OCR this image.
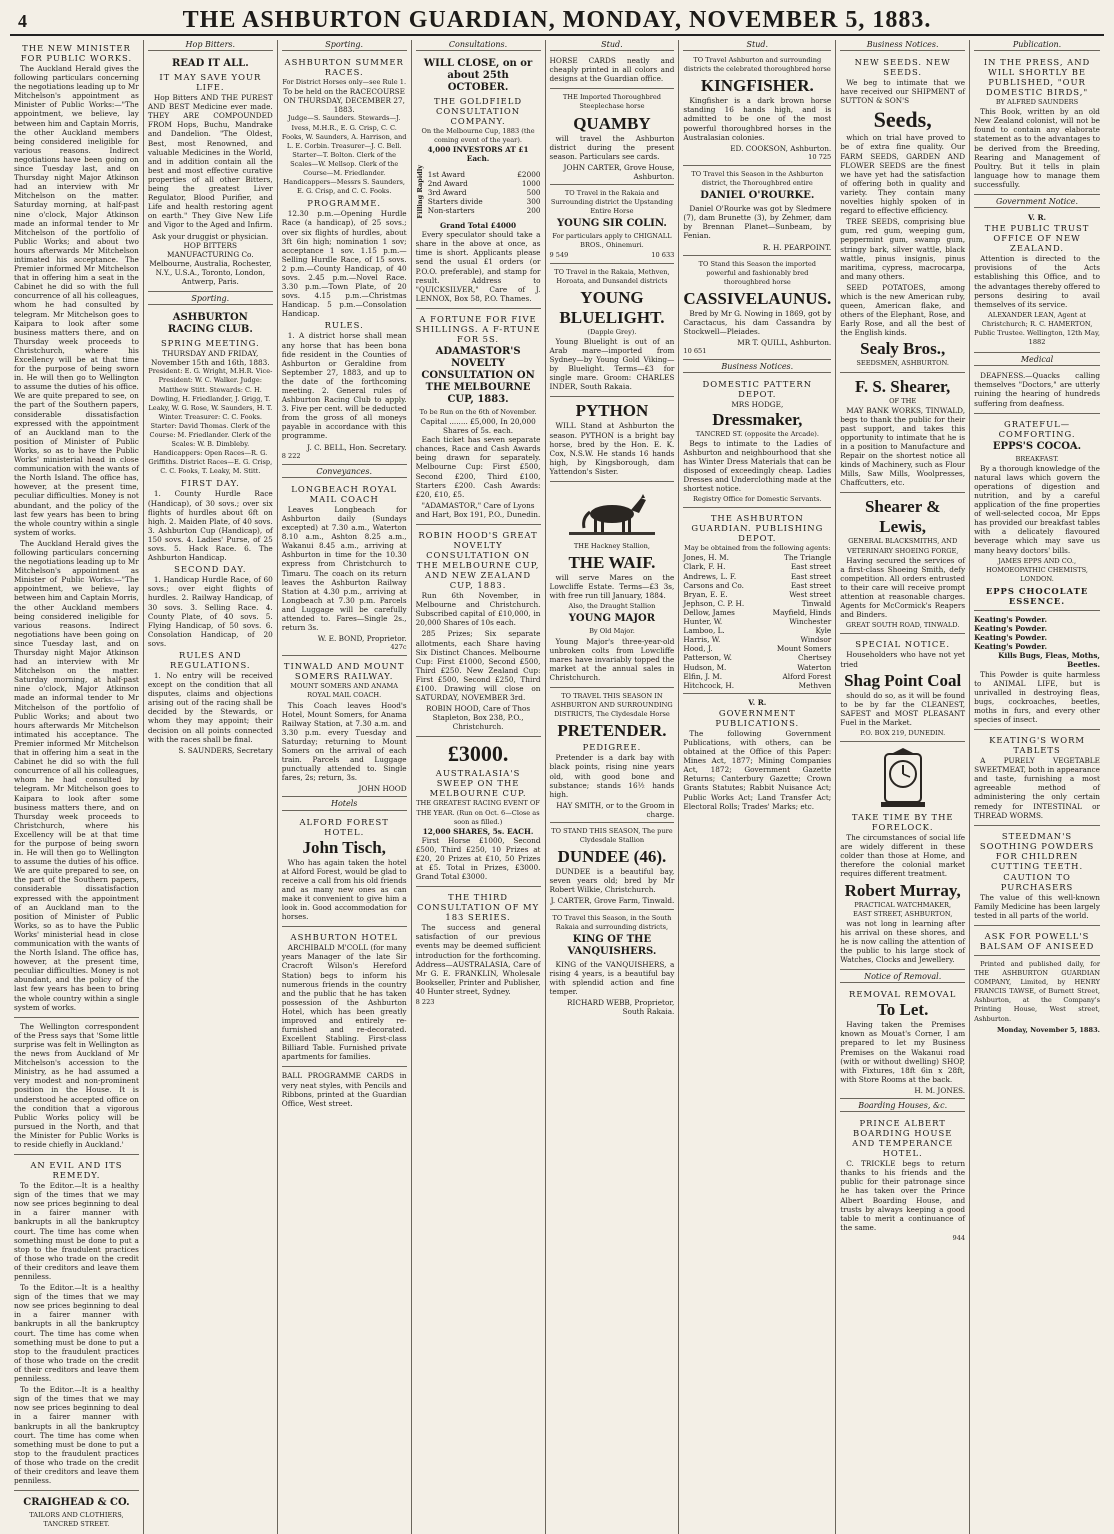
4	THE ASHBURTON GUARDIAN, MONDAY, NOVEMBER 5, 1883.
THE NEW MINISTER FOR PUBLIC WORKS.

The Auckland Herald gives the following particulars concerning the negotiations leading up to Mr Mitchelson's appointment as Minister of Public Works:—"The appointment, we believe, lay between him and Captain Morris, the other Auckland members being considered ineligible for various reasons. Indirect negotiations have been going on since Tuesday last, and on Thursday night Major Atkinson had an interview with Mr Mitchelson on the matter. Saturday morning, at half-past nine o'clock, Major Atkinson made an informal tender to Mr Mitchelson of the portfolio of Public Works; and about two hours afterwards Mr Mitchelson intimated his acceptance. The Premier informed Mr Mitchelson that in offering him a seat in the Cabinet he did so with the full concurrence of all his colleagues, whom he had consulted by telegram. Mr Mitchelson goes to Kaipara to look after some business matters there, and on Thursday week proceeds to Christchurch, where his Excellency will be at that time for the purpose of being sworn in. He will then go to Wellington to assume the duties of his office. We are quite prepared to see, on the part of the Southern papers, considerable dissatisfaction expressed with the appointment of an Auckland man to the position of Minister of Public Works, so as to have the Public Works' ministerial head in close communication with the wants of the North Island. The office has, however, at the present time, peculiar difficulties. Money is not abundant, and the policy of the last few years has been to bring the whole country within a single system of works.

The Auckland Herald gives the following particulars concerning the negotiations leading up to Mr Mitchelson's appointment as Minister of Public Works:—"The appointment, we believe, lay between him and Captain Morris, the other Auckland members being considered ineligible for various reasons. Indirect negotiations have been going on since Tuesday last, and on Thursday night Major Atkinson had an interview with Mr Mitchelson on the matter. Saturday morning, at half-past nine o'clock, Major Atkinson made an informal tender to Mr Mitchelson of the portfolio of Public Works; and about two hours afterwards Mr Mitchelson intimated his acceptance. The Premier informed Mr Mitchelson that in offering him a seat in the Cabinet he did so with the full concurrence of all his colleagues, whom he had consulted by telegram. Mr Mitchelson goes to Kaipara to look after some business matters there, and on Thursday week proceeds to Christchurch, where his Excellency will be at that time for the purpose of being sworn in. He will then go to Wellington to assume the duties of his office. We are quite prepared to see, on the part of the Southern papers, considerable dissatisfaction expressed with the appointment of an Auckland man to the position of Minister of Public Works, so as to have the Public Works' ministerial head in close communication with the wants of the North Island. The office has, however, at the present time, peculiar difficulties. Money is not abundant, and the policy of the last few years has been to bring the whole country within a single system of works.

The Wellington correspondent of the Press says that 'Some little surprise was felt in Wellington as the news from Auckland of Mr Mitchelson's accession to the Ministry, as he had assumed a very modest and non-prominent position in the House. It is understood he accepted office on the condition that a vigorous Public Works policy will be pursued in the North, and that the Minister for Public Works is to reside chiefly in Auckland.'

AN EVIL AND ITS REMEDY.

To the Editor.—It is a healthy sign of the times that we may now see prices beginning to deal in a fairer manner with bankrupts in all the bankruptcy court. The time has come when something must be done to put a stop to the fraudulent practices of those who trade on the credit of their creditors and leave them penniless.

To the Editor.—It is a healthy sign of the times that we may now see prices beginning to deal in a fairer manner with bankrupts in all the bankruptcy court. The time has come when something must be done to put a stop to the fraudulent practices of those who trade on the credit of their creditors and leave them penniless.

To the Editor.—It is a healthy sign of the times that we may now see prices beginning to deal in a fairer manner with bankrupts in all the bankruptcy court. The time has come when something must be done to put a stop to the fraudulent practices of those who trade on the credit of their creditors and leave them penniless.

CRAIGHEAD & CO.
TAILORS AND CLOTHIERS,
TANCRED STREET.
Hop Bitters.
READ IT ALL.
IT MAY SAVE YOUR LIFE.

Hop Bitters AND THE PUREST AND BEST Medicine ever made. THEY ARE COMPOUNDED FROM Hops, Buchu, Mandrake and Dandelion. "The Oldest, Best, most Renowned, and valuable Medicines in the World, and in addition contain all the best and most effective curative properties of all other Bitters, being the greatest Liver Regulator, Blood Purifier, and Life and health restoring agent on earth." They Give New Life and Vigor to the Aged and Infirm.

Ask your druggist or physician. HOP BITTERS MANUFACTURING Co. Melbourne, Australia, Rochester, N.Y., U.S.A., Toronto, London, Antwerp, Paris.

Sporting.
ASHBURTON RACING CLUB.
SPRING MEETING.
THURSDAY AND FRIDAY, November 15th and 16th, 1883.

President: E. G. Wright, M.H.R. Vice-President: W. C. Walker. Judge: Matthew Stitt. Stewards: C. H. Dowling, H. Friedlander, J. Grigg, T. Leaky, W. G. Rose, W. Saunders, H. T. Winter. Treasurer: C. C. Fooks. Starter: David Thomas. Clerk of the Course: M. Friedlander. Clerk of the Scales: W. B. Dimbleby. Handicappers: Open Races—R. G. Griffiths. District Races—E. G. Crisp, C. C. Fooks, T. Leaky, M. Stitt.

FIRST DAY.

1. County Hurdle Race (Handicap), of 30 sovs.; over six flights of hurdles about 6ft on high. 2. Maiden Plate, of 40 sovs. 3. Ashburton Cup (Handicap), of 150 sovs. 4. Ladies' Purse, of 25 sovs. 5. Hack Race. 6. The Ashburton Handicap.

SECOND DAY.

1. Handicap Hurdle Race, of 60 sovs.; over eight flights of hurdles. 2. Railway Handicap, of 30 sovs. 3. Selling Race. 4. County Plate, of 40 sovs. 5. Flying Handicap, of 50 sovs. 6. Consolation Handicap, of 20 sovs.

RULES AND REGULATIONS.

1. No entry will be received except on the condition that all disputes, claims and objections arising out of the racing shall be decided by the Stewards, or whom they may appoint; their decision on all points connected with the races shall be final.

S. SAUNDERS, Secretary
Sporting.
ASHBURTON SUMMER RACES.
For District Horses only—see Rule 1.
To be held on the RACECOURSE ON THURSDAY, DECEMBER 27, 1883.

Judge—S. Saunders. Stewards—J. Ivess, M.H.R., E. G. Crisp, C. C. Fooks, W. Saunders, A. Harrison, and L. E. Corbin. Treasurer—J. C. Bell. Starter—T. Bolton. Clerk of the Scales—W. Mellsop. Clerk of the Course—M. Friedlander. Handicappers—Messrs S. Saunders, E. G. Crisp, and C. C. Fooks.

PROGRAMME.

12.30 p.m.—Opening Hurdle Race (a handicap), of 25 sovs.; over six flights of hurdles, about 3ft 6in high; nomination 1 sov; acceptance 1 sov. 1.15 p.m.—Selling Hurdle Race, of 15 sovs. 2 p.m.—County Handicap, of 40 sovs. 2.45 p.m.—Novel Race. 3.30 p.m.—Town Plate, of 20 sovs. 4.15 p.m.—Christmas Handicap. 5 p.m.—Consolation Handicap.

RULES.

1. A district horse shall mean any horse that has been bona fide resident in the Counties of Ashburton or Geraldine from September 27, 1883, and up to the date of the forthcoming meeting. 2. General rules of Ashburton Racing Club to apply. 3. Five per cent. will be deducted from the gross of all moneys payable in accordance with this programme.

J. C. BELL, Hon. Secretary.
8 222
Conveyances.
LONGBEACH ROYAL MAIL COACH

Leaves Longbeach for Ashburton daily (Sundays excepted) at 7.30 a.m., Waterton 8.10 a.m., Ashton 8.25 a.m., Wakanui 8.45 a.m., arriving at Ashburton in time for the 10.30 express from Christchurch to Timaru. The coach on its return leaves the Ashburton Railway Station at 4.30 p.m., arriving at Longbeach at 7.30 p.m. Parcels and Luggage will be carefully attended to. Fares—Single 2s., return 3s.

W. E. BOND, Proprietor.
427c
TINWALD AND MOUNT SOMERS RAILWAY.
MOUNT SOMERS AND ANAMA ROYAL MAIL COACH.

This Coach leaves Hood's Hotel, Mount Somers, for Anama Railway Station, at 7.30 a.m. and 3.30 p.m. every Tuesday and Saturday; returning to Mount Somers on the arrival of each train. Parcels and Luggage punctually attended to. Single fares, 2s; return, 3s.

JOHN HOOD
Hotels
ALFORD FOREST HOTEL.
John Tisch,

Who has again taken the hotel at Alford Forest, would be glad to receive a call from his old friends and as many new ones as can make it convenient to give him a look in. Good accommodation for horses.

ASHBURTON HOTEL

ARCHIBALD M'COLL (for many years Manager of the late Sir Cracroft Wilson's Hereford Station) begs to inform his numerous friends in the country and the public that he has taken possession of the Ashburton Hotel, which has been greatly improved and entirely re-furnished and re-decorated. Excellent Stabling. First-class Billiard Table. Furnished private apartments for families.

BALL PROGRAMME CARDS in very neat styles, with Pencils and Ribbons, printed at the Guardian Office, West street.

Consultations.
WILL CLOSE, on or about 25th OCTOBER.
THE GOLDFIELD CONSULTATION COMPANY.
On the Melbourne Cup, 1883 (the coming event of the year).
4,000 INVESTORS AT £1 Each.
Filling Rapidly 1st Award	£2000
2nd Award	1000
3rd Award	500
Starters divide	300
Non-starters	200
Grand Total £4000

Every speculator should take a share in the above at once, as time is short. Applicants please send the usual £1 orders (or P.O.O. preferable), and stamp for result. Address to "QUICKSILVER," Care of J. LENNOX, Box 58, P.O. Thames.

A FORTUNE FOR FIVE SHILLINGS. A F-RTUNE FOR 5S.
ADAMASTOR'S NOVELTY CONSULTATION ON THE MELBOURNE CUP, 1883.
To be Run on the 6th of November.
Capital ........ £5,000, In 20,000 Shares of 5s. each.

Each ticket has seven separate chances, Race and Cash Awards being drawn for separately. Melbourne Cup: First £500, Second £200, Third £100, Starters £200. Cash Awards: £20, £10, £5.

"ADAMASTOR," Care of Lyons and Hart, Box 191, P.O., Dunedin.

ROBIN HOOD'S GREAT NOVELTY CONSULTATION ON THE MELBOURNE CUP, AND NEW ZEALAND CUP, 1883.

Run 6th November, in Melbourne and Christchurch. Subscribed capital of £10,000, in 20,000 Shares of 10s each.

285 Prizes; Six separate allotments, each Share having Six Distinct Chances. Melbourne Cup: First £1000, Second £500, Third £250. New Zealand Cup: First £500, Second £250, Third £100. Drawing will close on SATURDAY, NOVEMBER 3rd.

ROBIN HOOD, Care of Thos Stapleton, Box 238, P.O., Christchurch.

£3000.
AUSTRALASIA'S SWEEP ON THE MELBOURNE CUP.
THE GREATEST RACING EVENT OF THE YEAR. (Run on Oct. 6—Close as soon as filled.)
12,000 SHARES, 5s. EACH.

First Horse £1000, Second £500, Third £250, 10 Prizes at £20, 20 Prizes at £10, 50 Prizes at £5. Total in Prizes, £3000. Grand Total £3000.

THE THIRD CONSULTATION OF MY 183 SERIES.

The success and general satisfaction of our previous events may be deemed sufficient introduction for the forthcoming. Address—AUSTRALASIA, Care of Mr G. E. FRANKLIN, Wholesale Bookseller, Printer and Publisher, 40 Hunter street, Sydney.

8 223
Stud.

HORSE CARDS neatly and cheaply printed in all colors and designs at the Guardian office.

THE Imported Thoroughbred Steeplechase horse

QUAMBY

will travel the Ashburton district during the present season. Particulars see cards.

JOHN CARTER, Grove House, Ashburton.

TO Travel in the Rakaia and Surrounding district the Upstanding Entire Horse

YOUNG SIR COLIN.
For particulars apply to CHIGNALL BROS., Ohinemuri.
9 549	10 633

TO Travel in the Rakaia, Methven, Horoata, and Dunsandel districts

YOUNG BLUELIGHT.
(Dapple Grey).

Young Bluelight is out of an Arab mare—imported from Sydney—by Young Gold Viking—by Bluelight. Terms—£3 for single mare. Groom: CHARLES INDER, South Rakaia.

PYTHON

WILL Stand at Ashburton the season. PYTHON is a bright bay horse, bred by the Hon. E. K. Cox, N.S.W. He stands 16 hands high, by Kingsborough, dam Yattendon's Sister.

THE Hackney Stallion,

THE WAIF.

will serve Mares on the Lowcliffe Estate. Terms—£3 3s, with free run till January, 1884.

Also, the Draught Stallion
YOUNG MAJOR
By Old Major.

Young Major's three-year-old unbroken colts from Lowcliffe mares have invariably topped the market at the annual sales in Christchurch.

TO TRAVEL THIS SEASON IN ASHBURTON AND SURROUNDING DISTRICTS, The Clydesdale Horse

PRETENDER.
PEDIGREE.

Pretender is a dark bay with black points, rising nine years old, with good bone and substance; stands 16½ hands high.

HAY SMITH, or to the Groom in charge.

TO STAND THIS SEASON, The pure Clydesdale Stallion

DUNDEE (46).

DUNDEE is a beautiful bay, seven years old; bred by Mr Robert Wilkie, Christchurch.

J. CARTER, Grove Farm, Tinwald.

TO Travel this Season, in the South Rakaia and surrounding districts,

KING OF THE VANQUISHERS.

KING of the VANQUISHERS, a rising 4 years, is a beautiful bay with splendid action and fine temper.

RICHARD WEBB, Proprietor, South Rakaia.
Stud.

TO Travel Ashburton and surrounding districts the celebrated thoroughbred horse

KINGFISHER.

Kingfisher is a dark brown horse standing 16 hands high, and is admitted to be one of the most powerful thoroughbred horses in the Australasian colonies.

ED. COOKSON, Ashburton.
10 725

TO Travel this Season in the Ashburton district, the Thoroughbred entire

DANIEL O'ROURKE.

Daniel O'Rourke was got by Sledmere (7), dam Brunette (3), by Zehmer, dam by Brennan Planet—Sunbeam, by Fenian.

R. H. PEARPOINT.

TO Stand this Season the imported powerful and fashionably bred thoroughbred horse

CASSIVELAUNUS.

Bred by Mr G. Nowing in 1869, got by Caractacus, his dam Cassandra by Stockwell—Pleiades.

MR T. QUILL, Ashburton.
10 651
Business Notices.
DOMESTIC PATTERN DEPOT.
MRS HODGE,
Dressmaker,
TANCRED ST. (opposite the Arcade).

Begs to intimate to the Ladies of Ashburton and neighbourhood that she has Winter Dress Materials that can be disposed of exceedingly cheap. Ladies Dresses and Underclothing made at the shortest notice.

Registry Office for Domestic Servants.
THE ASHBURTON GUARDIAN. PUBLISHING DEPOT.
May be obtained from the following agents:
Jones, H. M.	The Triangle
Clark, F. H.	East street
Andrews, L. F.	East street
Carsons and Co.	East street
Bryan, E. E.	West street
Jephson, C. P. H.	Tinwald
Dellow, James	Mayfield, Hinds
Hunter, W.	Winchester
Lamboo, L.	Kyle
Harris, W.	Windsor
Hood, J.	Mount Somers
Patterson, W.	Chertsey
Hudson, M.	Waterton
Elfin, J. M.	Alford Forest
Hitchcock, H.	Methven
V. R.
GOVERNMENT PUBLICATIONS.

The following Government Publications, with others, can be obtained at the Office of this Paper: Mines Act, 1877; Mining Companies Act, 1872; Government Gazette Returns; Canterbury Gazette; Crown Grants Statutes; Rabbit Nuisance Act; Public Works Act; Land Transfer Act; Electoral Rolls; Trades' Marks; etc.

Business Notices.
NEW SEEDS. NEW SEEDS.

We beg to intimate that we have received our SHIPMENT of SUTTON & SON'S

Seeds,

which on trial have proved to be of extra fine quality. Our FARM SEEDS, GARDEN AND FLOWER SEEDS are the finest we have yet had the satisfaction of offering both in quality and variety. They contain many novelties highly spoken of in regard to effective efficiency.

TREE SEEDS, comprising blue gum, red gum, weeping gum, peppermint gum, swamp gum, stringy bark, silver wattle, black wattle, pinus insignis, pinus maritima, cypress, macrocarpa, and many others.

SEED POTATOES, among which is the new American ruby, queen, American flake, and others of the Elephant, Rose, and Early Rose, and all the best of the English kinds.

Sealy Bros.,
SEEDSMEN, ASHBURTON.
F. S. Shearer,
OF THE

MAY BANK WORKS, TINWALD, begs to thank the public for their past support, and takes this opportunity to intimate that he is in a position to Manufacture and Repair on the shortest notice all kinds of Machinery, such as Flour Mills, Saw Mills, Woolpresses, Chaffcutters, etc.

Shearer & Lewis,
GENERAL BLACKSMITHS, AND VETERINARY SHOEING FORGE,

Having secured the services of a first-class Shoeing Smith, defy competition. All orders entrusted to their care will receive prompt attention at reasonable charges. Agents for McCormick's Reapers and Binders.

GREAT SOUTH ROAD, TINWALD.
SPECIAL NOTICE.

Householders who have not yet tried

Shag Point Coal

should do so, as it will be found to be by far the CLEANEST, SAFEST and MOST PLEASANT Fuel in the Market.

P.O. BOX 219, DUNEDIN.
TAKE TIME BY THE FORELOCK.

The circumstances of social life are widely different in these colder than those at Home, and therefore the colonial market requires different treatment.

Robert Murray,
PRACTICAL WATCHMAKER,
EAST STREET, ASHBURTON,

was not long in learning after his arrival on these shores, and he is now calling the attention of the public to his large stock of Watches, Clocks and Jewellery.

Notice of Removal.
REMOVAL REMOVAL
To Let.

Having taken the Premises known as Mouat's Corner, I am prepared to let my Business Premises on the Wakanui road (with or without dwelling) SHOP, with Fixtures, 18ft 6in x 28ft, with Store Rooms at the back.

H. M. JONES.
Boarding Houses, &c.
PRINCE ALBERT BOARDING HOUSE AND TEMPERANCE HOTEL.

C. TRICKLE begs to return thanks to his friends and the public for their patronage since he has taken over the Prince Albert Boarding House, and trusts by always keeping a good table to merit a continuance of the same.

944
Publication.
IN THE PRESS, AND WILL SHORTLY BE PUBLISHED, "OUR DOMESTIC BIRDS,"
BY ALFRED SAUNDERS

This Book, written by an old New Zealand colonist, will not be found to contain any elaborate statement as to the advantages to be derived from the Breeding, Rearing and Management of Poultry. But it tells in plain language how to manage them successfully.

Government Notice.
V. R.
THE PUBLIC TRUST OFFICE OF NEW ZEALAND.

Attention is directed to the provisions of the Acts establishing this Office, and to the advantages thereby offered to persons desiring to avail themselves of its service.

ALEXANDER LEAN, Agent at Christchurch; R. C. HAMERTON, Public Trustee. Wellington, 12th May, 1882

Medical

DEAFNESS.—Quacks calling themselves "Doctors," are utterly ruining the hearing of hundreds suffering from deafness.

GRATEFUL—COMFORTING.
EPPS'S COCOA.
BREAKFAST.

By a thorough knowledge of the natural laws which govern the operations of digestion and nutrition, and by a careful application of the fine properties of well-selected cocoa, Mr Epps has provided our breakfast tables with a delicately flavoured beverage which may save us many heavy doctors' bills.

JAMES EPPS AND CO., HOMOEOPATHIC CHEMISTS, LONDON.

EPPS CHOCOLATE ESSENCE.
Keating's Powder.
Keating's Powder.
Keating's Powder.
Keating's Powder.
Kills Bugs, Fleas, Moths, Beetles.

This Powder is quite harmless to ANIMAL LIFE, but is unrivalled in destroying fleas, bugs, cockroaches, beetles, moths in furs, and every other species of insect.

KEATING'S WORM TABLETS

A PURELY VEGETABLE SWEETMEAT, both in appearance and taste, furnishing a most agreeable method of administering the only certain remedy for INTESTINAL or THREAD WORMS.

STEEDMAN'S SOOTHING POWDERS FOR CHILDREN CUTTING TEETH.
CAUTION TO PURCHASERS

The value of this well-known Family Medicine has been largely tested in all parts of the world.

ASK FOR POWELL'S BALSAM OF ANISEED

Printed and published daily, for THE ASHBURTON GUARDIAN COMPANY, Limited, by HENRY FRANCIS TAWSE, of Burnett Street, Ashburton, at the Company's Printing House, West street, Ashburton.

Monday, November 5, 1883.
